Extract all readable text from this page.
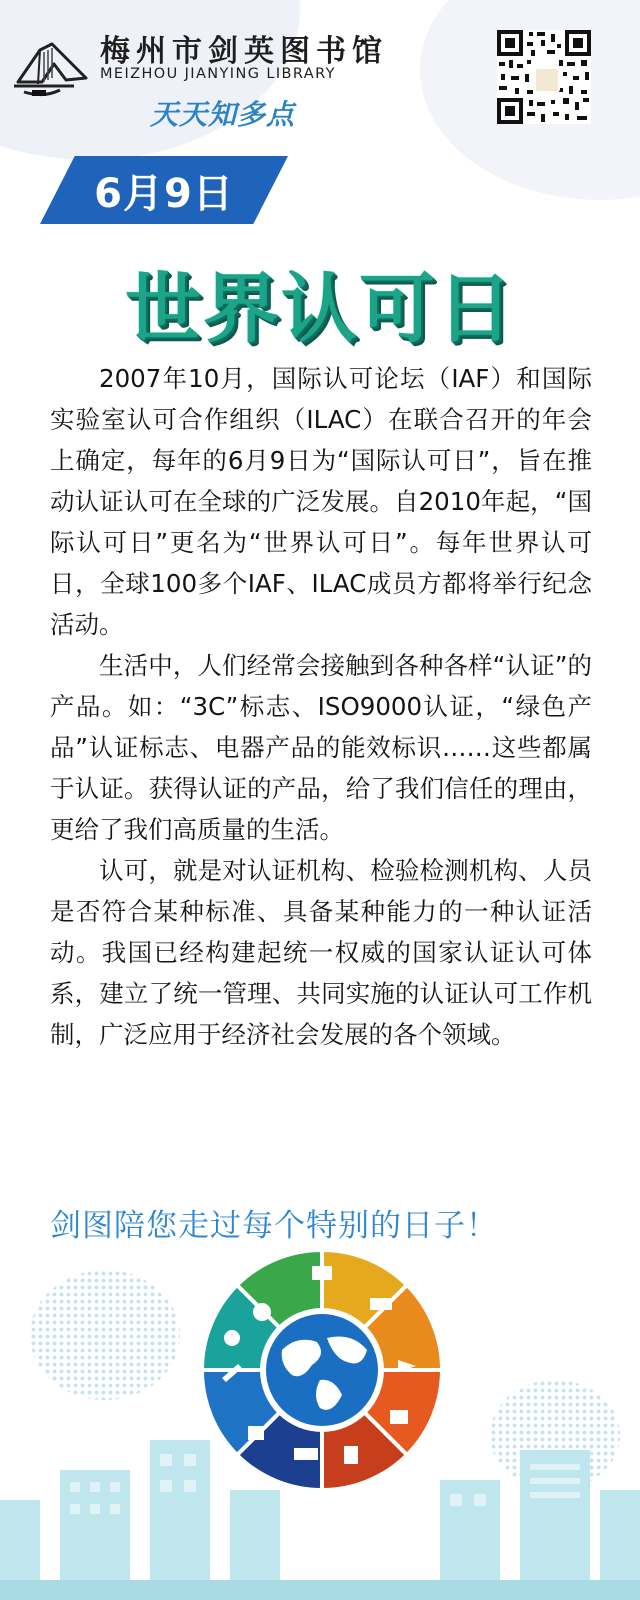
梅州市剑英图书馆
MEIZHOU JIANYING LIBRARY
天天知多点
6月9日
世界认可日

2007年10月，国际认可论坛（IAF）和国际实验室认可合作组织（ILAC）在联合召开的年会上确定，每年的6月9日为“国际认可日”，旨在推动认证认可在全球的广泛发展。自2010年起，“国际认可日”更名为“世界认可日”。每年世界认可日，全球100多个IAF、ILAC成员方都将举行纪念活动。

生活中，人们经常会接触到各种各样“认证”的产品。如：“3C”标志、ISO9000认证，“绿色产品”认证标志、电器产品的能效标识……这些都属于认证。获得认证的产品，给了我们信任的理由，更给了我们高质量的生活。

认可，就是对认证机构、检验检测机构、人员是否符合某种标准、具备某种能力的一种认证活动。我国已经构建起统一权威的国家认证认可体系，建立了统一管理、共同实施的认证认可工作机制，广泛应用于经济社会发展的各个领域。

剑图陪您走过每个特别的日子！
